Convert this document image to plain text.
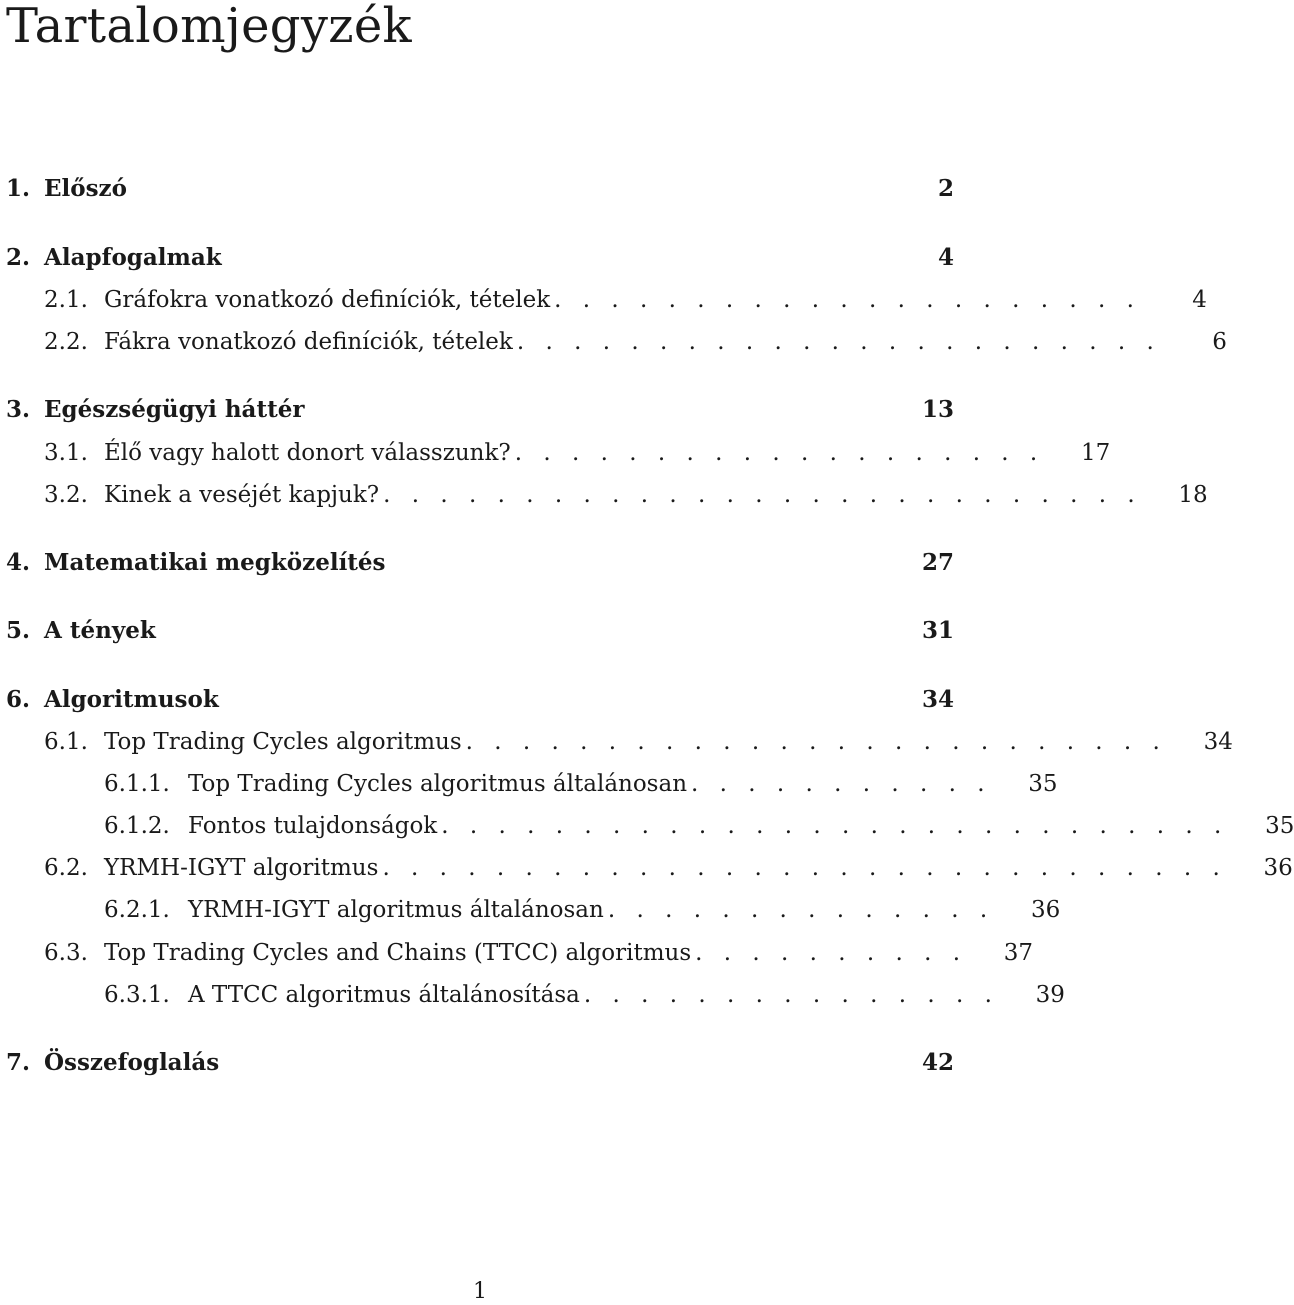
Tartalomjegyzék
1. Előszó	2
2. Alapfogalmak	4
2.1. Gráfokra vonatkozó definíciók, tételek . . . . . . . . . . . . . . . . . . . . .	4
2.2. Fákra vonatkozó definíciók, tételek . . . . . . . . . . . . . . . . . . . . . . .	6
3. Egészségügyi háttér	13
3.1. Élő vagy halott donort válasszunk? . . . . . . . . . . . . . . . . . . .	17
3.2. Kinek a veséjét kapjuk? . . . . . . . . . . . . . . . . . . . . . . . . . . .	18
4. Matematikai megközelítés	27
5. A tények	31
6. Algoritmusok	34
6.1. Top Trading Cycles algoritmus . . . . . . . . . . . . . . . . . . . . . . . . .	34
6.1.1. Top Trading Cycles algoritmus általánosan . . . . . . . . . . .	35
6.1.2. Fontos tulajdonságok . . . . . . . . . . . . . . . . . . . . . . . . . . . .	35
6.2. YRMH-IGYT algoritmus . . . . . . . . . . . . . . . . . . . . . . . . . . . . . .	36
6.2.1. YRMH-IGYT algoritmus általánosan . . . . . . . . . . . . . .	36
6.3. Top Trading Cycles and Chains (TTCC) algoritmus . . . . . . . . . .	37
6.3.1. A TTCC algoritmus általánosítása . . . . . . . . . . . . . . .	39
7. Összefoglalás	42
1
